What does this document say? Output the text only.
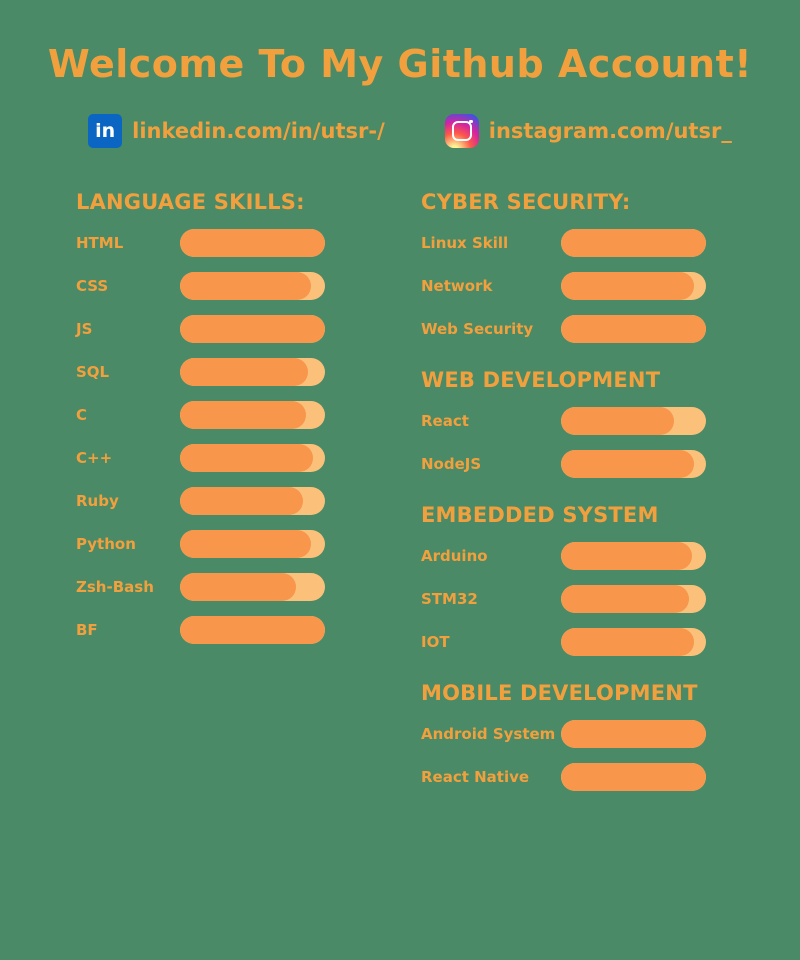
Welcome To My Github Account!
in linkedin.com/in/utsr-/	instagram.com/utsr_
LANGUAGE SKILLS:
HTML
CSS
JS
SQL
C
C++
Ruby
Python
Zsh-Bash
BF
CYBER SECURITY:
Linux Skill
Network
Web Security
WEB DEVELOPMENT
React
NodeJS
EMBEDDED SYSTEM
Arduino
STM32
IOT
MOBILE DEVELOPMENT
Android System
React Native
